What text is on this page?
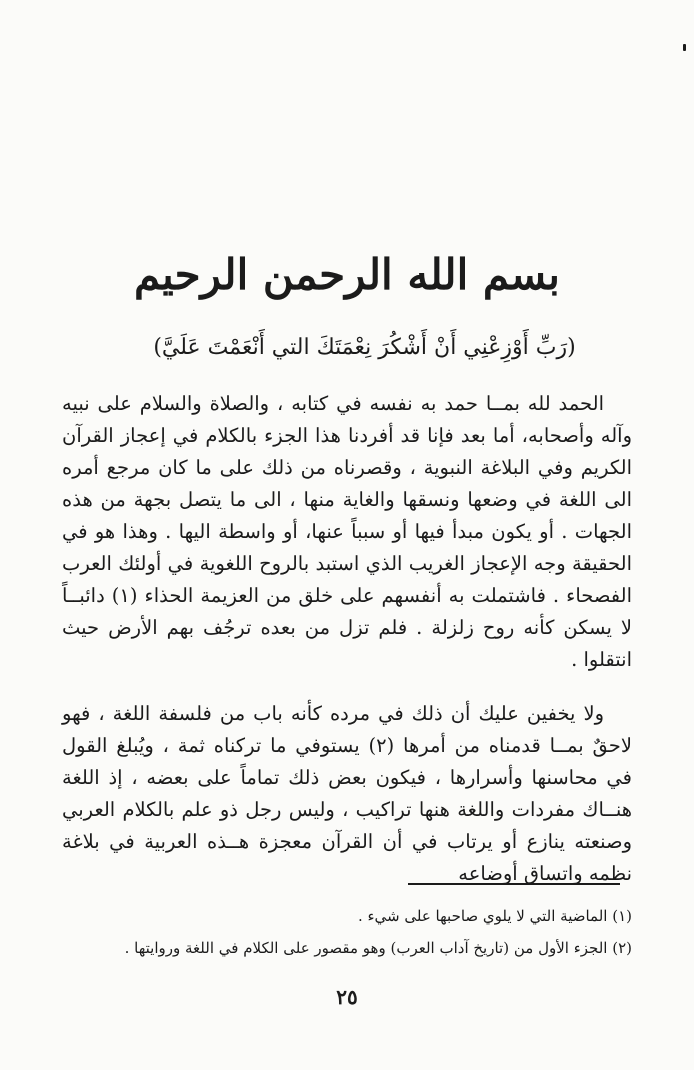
بسم الله الرحمن الرحيم
(رَبِّ أَوْزِعْنِي أَنْ أَشْكُرَ نِعْمَتَكَ التي أَنْعَمْتَ عَلَيَّ)

الحمد لله بمــا حمد به نفسه في كتابه ، والصلاة والسلام على نبيه وآله وأصحابه، أما بعد فإنا قد أفردنا هذا الجزء بالكلام في إعجاز القرآن الكريم وفي البلاغة النبوية ، وقصرناه من ذلك على ما كان مرجع أمره الى اللغة في وضعها ونسقها والغاية منها ، الى ما يتصل بجهة من هذه الجهات . أو يكون مبدأ فيها أو سبباً عنها، أو واسطة اليها . وهذا هو في الحقيقة وجه الإعجاز الغريب الذي استبد بالروح اللغوية في أولئك العرب الفصحاء . فاشتملت به أنفسهم على خلق من العزيمة الحذاء (١) دائبــاً لا يسكن كأنه روح زلزلة . فلم تزل من بعده ترجُف بهم الأرض حيث انتقلوا .

ولا يخفين عليك أن ذلك في مرده كأنه باب من فلسفة اللغة ، فهو لاحقٌ بمــا قدمناه من أمرها (٢) يستوفي ما تركناه ثمة ، ويُبلغ القول في محاسنها وأسرارها ، فيكون بعض ذلك تماماً على بعضه ، إذ اللغة هنــاك مفردات واللغة هنها تراكيب ، وليس رجل ذو علم بالكلام العربي وصنعته ينازع أو يرتاب في أن القرآن معجزة هــذه العربية في بلاغة نظمه واتساق أوضاعه

(١) الماضية التي لا يلوي صاحبها على شيء .

(٢) الجزء الأول من (تاريخ آداب العرب) وهو مقصور على الكلام في اللغة وروايتها .

٢٥
